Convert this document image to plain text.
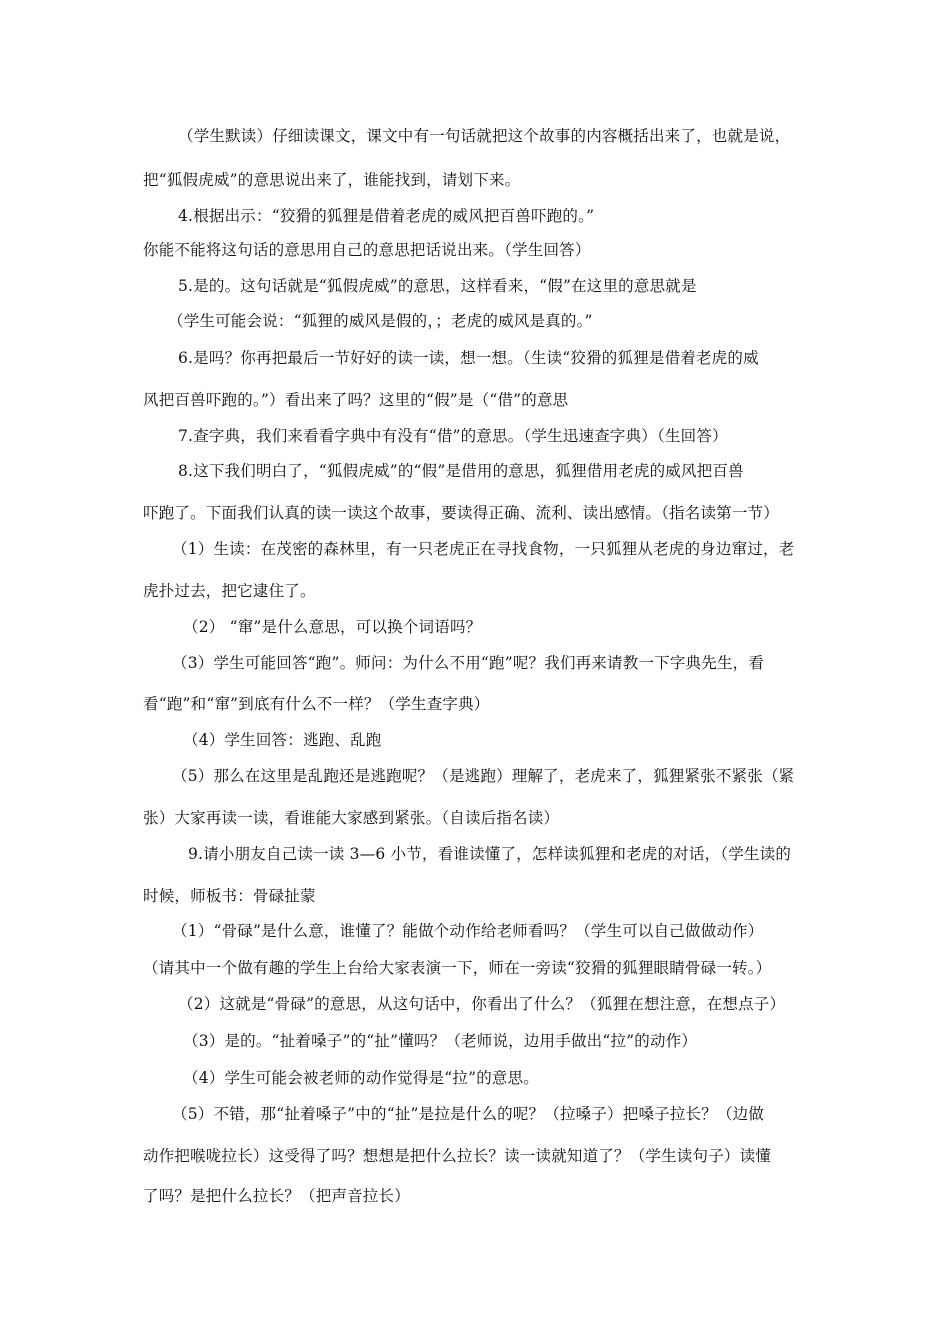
（学生默读）仔细读课文，课文中有一句话就把这个故事的内容概括出来了，也就是说，
把“狐假虎威”的意思说出来了，谁能找到，请划下来。
4.根据出示：“狡猾的狐狸是借着老虎的威风把百兽吓跑的。”
你能不能将这句话的意思用自己的意思把话说出来。（学生回答）
5.是的。这句话就是“狐假虎威”的意思，这样看来，“假”在这里的意思就是
（学生可能会说：“狐狸的威风是假的，；老虎的威风是真的。”
6.是吗？你再把最后一节好好的读一读，想一想。（生读“狡猾的狐狸是借着老虎的威
风把百兽吓跑的。”）看出来了吗？这里的“假”是（“借”的意思
7.查字典，我们来看看字典中有没有“借”的意思。（学生迅速查字典）（生回答）
8.这下我们明白了，“狐假虎威”的“假”是借用的意思，狐狸借用老虎的威风把百兽
吓跑了。下面我们认真的读一读这个故事，要读得正确、流利、读出感情。（指名读第一节）
（1）生读：在茂密的森林里，有一只老虎正在寻找食物，一只狐狸从老虎的身边窜过，老
虎扑过去，把它逮住了。
（2） “窜”是什么意思，可以换个词语吗？
（3）学生可能回答“跑”。师问：为什么不用“跑”呢？我们再来请教一下字典先生，看
看“跑”和“窜”到底有什么不一样？（学生查字典）
（4）学生回答：逃跑、乱跑
（5）那么在这里是乱跑还是逃跑呢？（是逃跑）理解了，老虎来了，狐狸紧张不紧张（紧
张）大家再读一读，看谁能大家感到紧张。（自读后指名读）
9.请小朋友自己读一读 3—6 小节，看谁读懂了，怎样读狐狸和老虎的对话，（学生读的
时候，师板书：骨碌扯蒙
（1）“骨碌”是什么意，谁懂了？能做个动作给老师看吗？（学生可以自己做做动作）
（请其中一个做有趣的学生上台给大家表演一下，师在一旁读“狡猾的狐狸眼睛骨碌一转。）
（2）这就是“骨碌”的意思，从这句话中，你看出了什么？（狐狸在想注意，在想点子）
（3）是的。“扯着嗓子”的“扯”懂吗？（老师说，边用手做出“拉”的动作）
（4）学生可能会被老师的动作觉得是“拉”的意思。
（5）不错，那“扯着嗓子”中的“扯”是拉是什么的呢？（拉嗓子）把嗓子拉长？（边做
动作把喉咙拉长）这受得了吗？想想是把什么拉长？读一读就知道了？（学生读句子）读懂
了吗？是把什么拉长？（把声音拉长）
